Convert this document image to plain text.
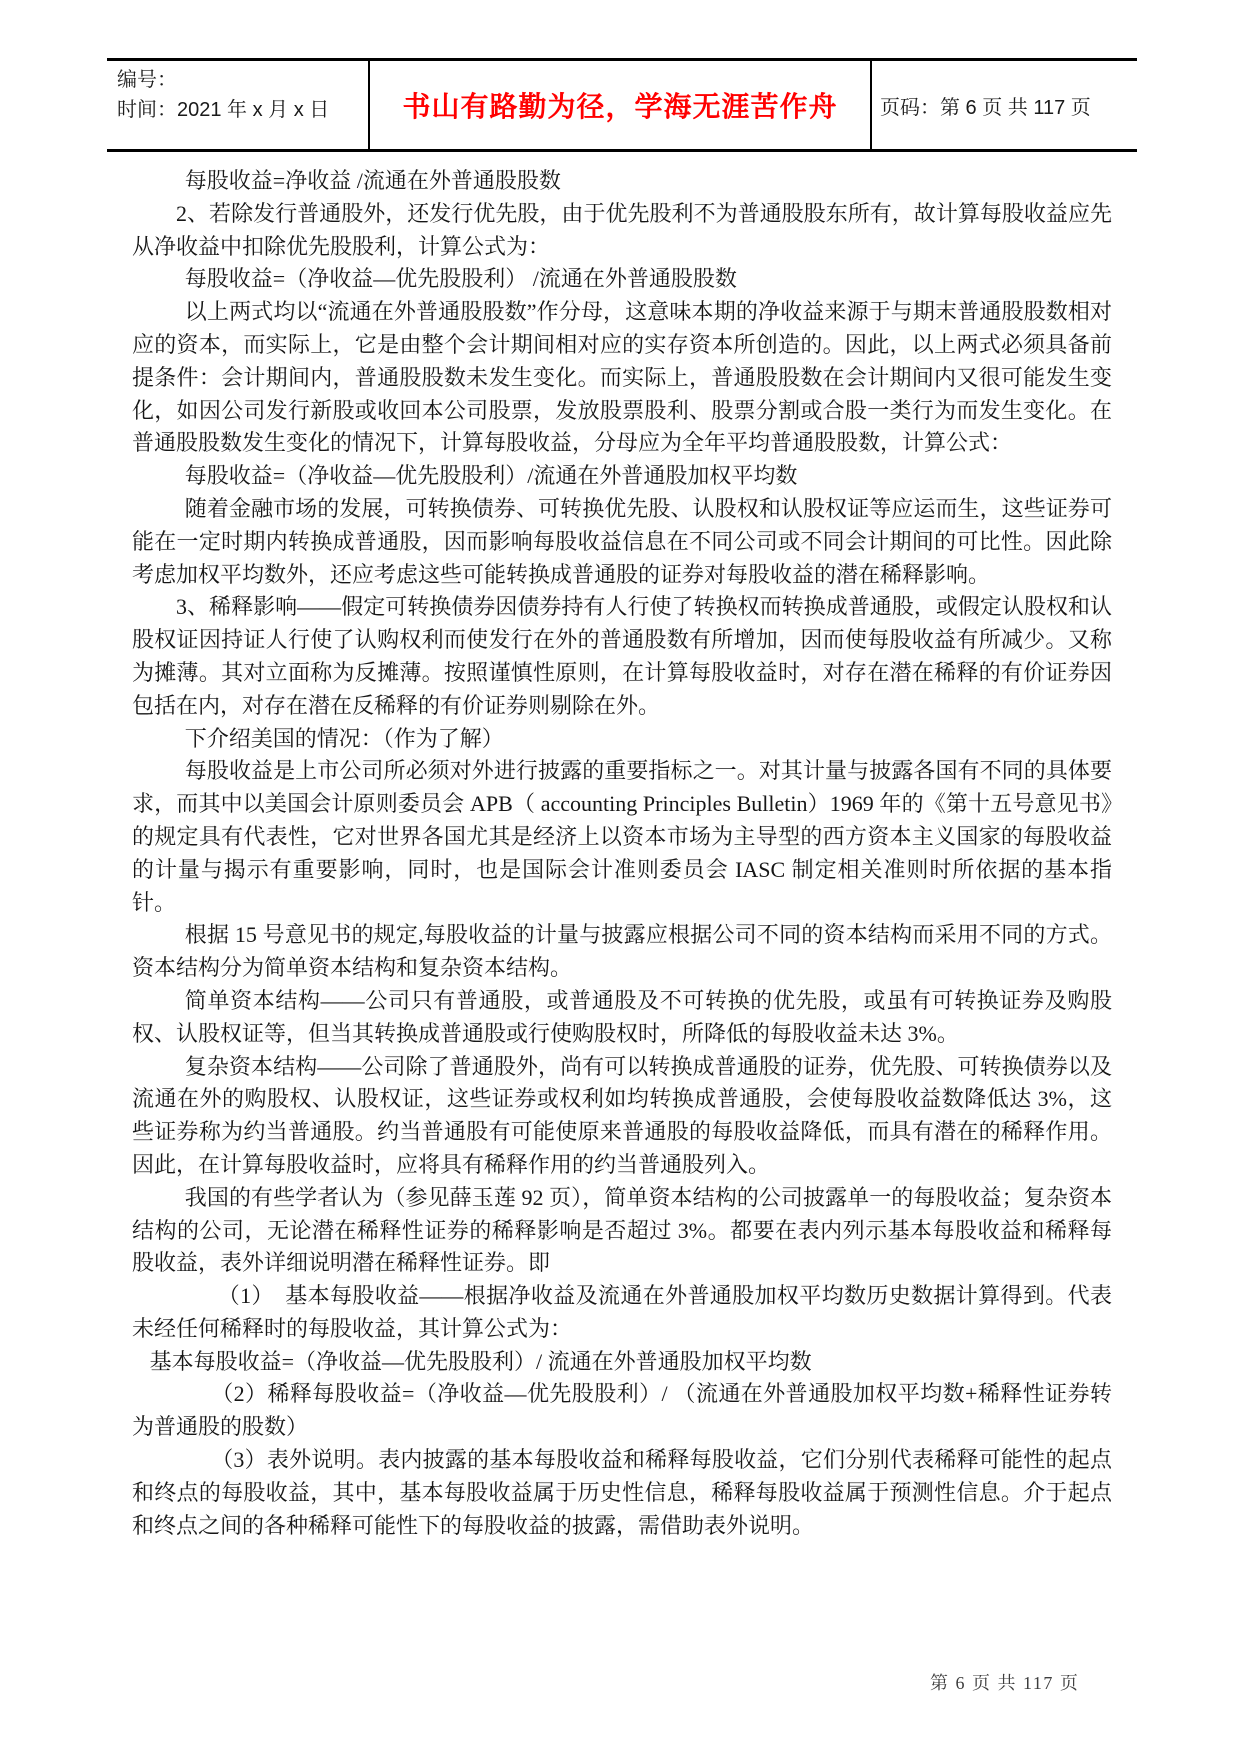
编号：
时间：2021 年 x 月 x 日	书山有路勤为径，学海无涯苦作舟 页码：第 6 页 共 117 页

每股收益=净收益 /流通在外普通股股数

2、若除发行普通股外，还发行优先股，由于优先股利不为普通股股东所有，故计算每股收益应先从净收益中扣除优先股股利，计算公式为：

每股收益=（净收益—优先股股利） /流通在外普通股股数

以上两式均以“流通在外普通股股数”作分母，这意味本期的净收益来源于与期末普通股股数相对应的资本，而实际上，它是由整个会计期间相对应的实存资本所创造的。因此，以上两式必须具备前提条件：会计期间内，普通股股数未发生变化。而实际上，普通股股数在会计期间内又很可能发生变化，如因公司发行新股或收回本公司股票，发放股票股利、股票分割或合股一类行为而发生变化。在普通股股数发生变化的情况下，计算每股收益，分母应为全年平均普通股股数，计算公式：

每股收益=（净收益—优先股股利）/流通在外普通股加权平均数

随着金融市场的发展，可转换债券、可转换优先股、认股权和认股权证等应运而生，这些证券可能在一定时期内转换成普通股，因而影响每股收益信息在不同公司或不同会计期间的可比性。因此除考虑加权平均数外，还应考虑这些可能转换成普通股的证券对每股收益的潜在稀释影响。

3、稀释影响——假定可转换债券因债券持有人行使了转换权而转换成普通股，或假定认股权和认股权证因持证人行使了认购权利而使发行在外的普通股数有所增加，因而使每股收益有所减少。又称为摊薄。其对立面称为反摊薄。按照谨慎性原则，在计算每股收益时，对存在潜在稀释的有价证券因包括在内，对存在潜在反稀释的有价证券则剔除在外。

下介绍美国的情况：（作为了解）

每股收益是上市公司所必须对外进行披露的重要指标之一。对其计量与披露各国有不同的具体要求，而其中以美国会计原则委员会 APB（ accounting Principles Bulletin）1969 年的《第十五号意见书》的规定具有代表性，它对世界各国尤其是经济上以资本市场为主导型的西方资本主义国家的每股收益的计量与揭示有重要影响，同时，也是国际会计准则委员会 IASC 制定相关准则时所依据的基本指针。

根据 15 号意见书的规定,每股收益的计量与披露应根据公司不同的资本结构而采用不同的方式。资本结构分为简单资本结构和复杂资本结构。

简单资本结构——公司只有普通股，或普通股及不可转换的优先股，或虽有可转换证券及购股权、认股权证等，但当其转换成普通股或行使购股权时，所降低的每股收益未达 3%。

复杂资本结构——公司除了普通股外，尚有可以转换成普通股的证券，优先股、可转换债券以及流通在外的购股权、认股权证，这些证券或权利如均转换成普通股，会使每股收益数降低达 3%，这些证券称为约当普通股。约当普通股有可能使原来普通股的每股收益降低，而具有潜在的稀释作用。因此，在计算每股收益时，应将具有稀释作用的约当普通股列入。

我国的有些学者认为（参见薛玉莲 92 页），简单资本结构的公司披露单一的每股收益；复杂资本结构的公司，无论潜在稀释性证券的稀释影响是否超过 3%。都要在表内列示基本每股收益和稀释每股收益，表外详细说明潜在稀释性证券。即

（1）　基本每股收益——根据净收益及流通在外普通股加权平均数历史数据计算得到。代表未经任何稀释时的每股收益，其计算公式为：

基本每股收益=（净收益—优先股股利）/ 流通在外普通股加权平均数

（2）稀释每股收益=（净收益—优先股股利）/ （流通在外普通股加权平均数+稀释性证券转为普通股的股数）

（3）表外说明。表内披露的基本每股收益和稀释每股收益，它们分别代表稀释可能性的起点和终点的每股收益，其中，基本每股收益属于历史性信息，稀释每股收益属于预测性信息。介于起点和终点之间的各种稀释可能性下的每股收益的披露，需借助表外说明。

第 6 页 共 117 页
